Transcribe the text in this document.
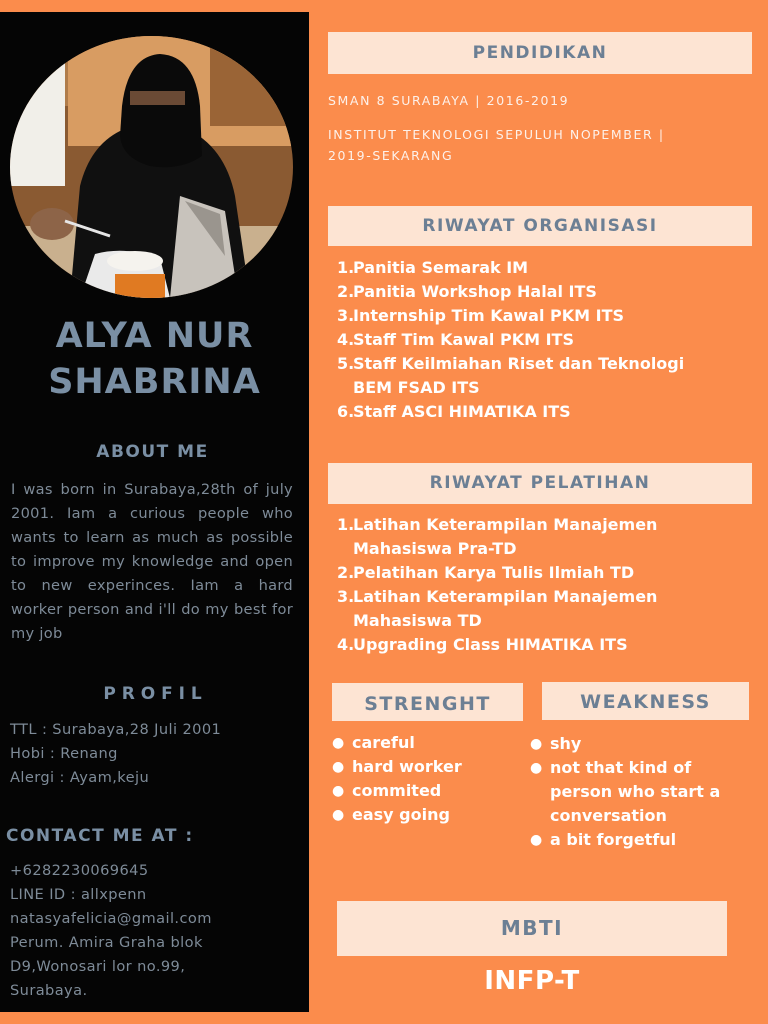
ALYA NUR
SHABRINA
ABOUT ME

I was born in Surabaya,28th of july 2001. Iam a curious people who wants to learn as much as possible to improve my knowledge and open to new experinces. Iam a hard worker person and i'll do my best for my job

P R O F I L
TTL : Surabaya,28 Juli 2001
Hobi : Renang
Alergi : Ayam,keju
CONTACT ME AT :
+6282230069645
LINE ID : allxpenn
natasyafelicia@gmail.com
Perum. Amira Graha blok
D9,Wonosari lor no.99,
Surabaya.
PENDIDIKAN

SMAN 8 SURABAYA | 2016-2019

INSTITUT TEKNOLOGI SEPULUH NOPEMBER |

2019-SEKARANG

RIWAYAT ORGANISASI
1.
Panitia Semarak IM
2.
Panitia Workshop Halal ITS
3.
Internship Tim Kawal PKM ITS
4.
Staff Tim Kawal PKM ITS
5.
Staff Keilmiahan Riset dan Teknologi
BEM FSAD ITS
6.
Staff ASCI HIMATIKA ITS
RIWAYAT PELATIHAN
1.
Latihan Keterampilan Manajemen
Mahasiswa Pra-TD
2.
Pelatihan Karya Tulis Ilmiah TD
3.
Latihan Keterampilan Manajemen
Mahasiswa TD
4.
Upgrading Class HIMATIKA ITS
STRENGHT	WEAKNESS
● careful
● hard worker
● commited
● easy going
● shy
● not that kind of
person who start a
conversation
● a bit forgetful
MBTI
INFP-T
